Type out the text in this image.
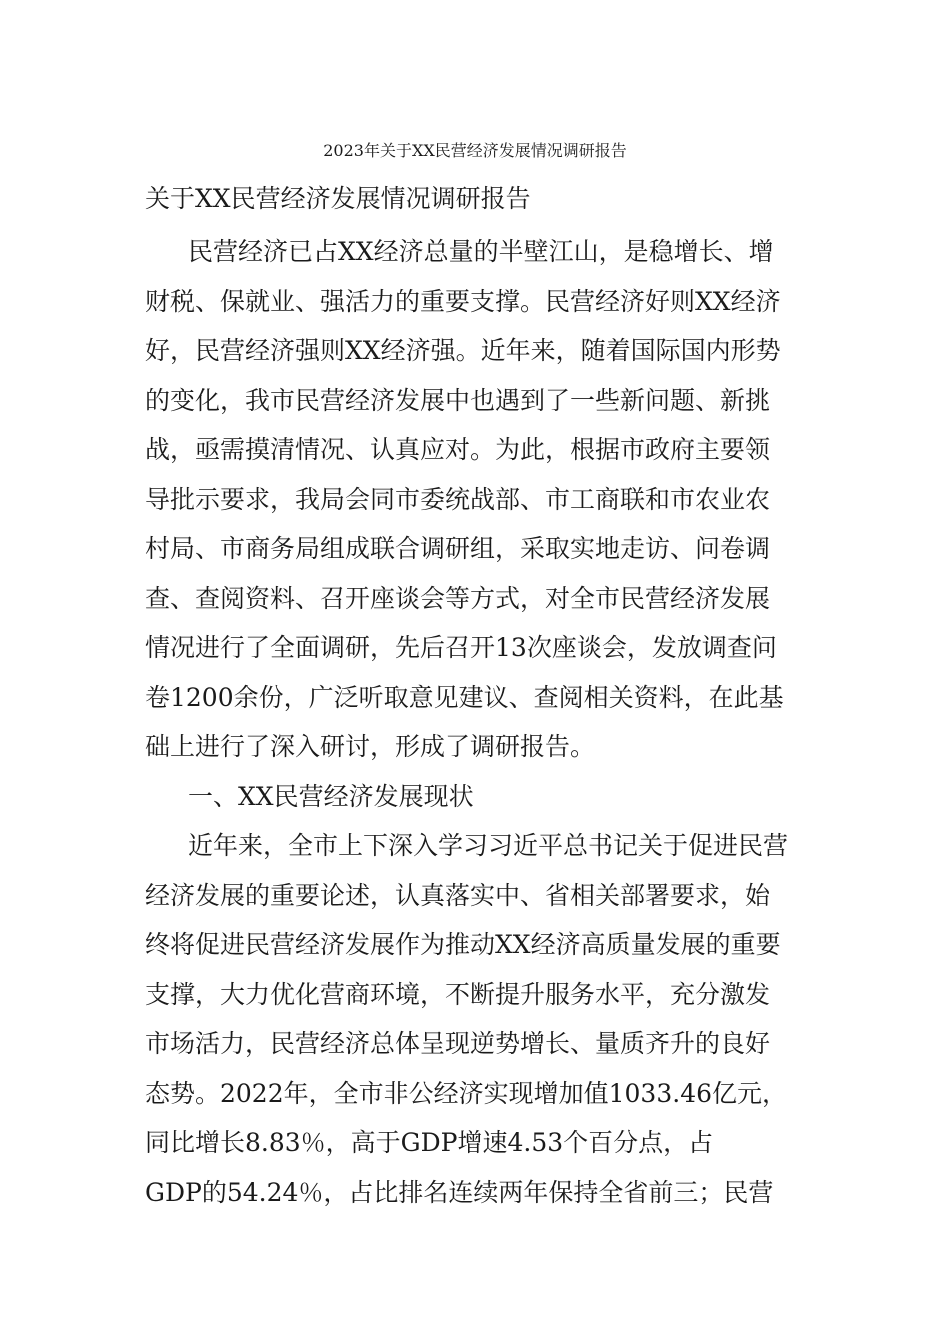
2023年关于XX民营经济发展情况调研报告
关于XX民营经济发展情况调研报告
民营经济已占XX经济总量的半壁江山，是稳增长、增
财税、保就业、强活力的重要支撑。民营经济好则XX经济
好，民营经济强则XX经济强。近年来，随着国际国内形势
的变化，我市民营经济发展中也遇到了一些新问题、新挑
战，亟需摸清情况、认真应对。为此，根据市政府主要领
导批示要求，我局会同市委统战部、市工商联和市农业农
村局、市商务局组成联合调研组，采取实地走访、问卷调
查、查阅资料、召开座谈会等方式，对全市民营经济发展
情况进行了全面调研，先后召开13次座谈会，发放调查问
卷1200余份，广泛听取意见建议、查阅相关资料，在此基
础上进行了深入研讨，形成了调研报告。
一、XX民营经济发展现状
近年来，全市上下深入学习习近平总书记关于促进民营
经济发展的重要论述，认真落实中、省相关部署要求，始
终将促进民营经济发展作为推动XX经济高质量发展的重要
支撑，大力优化营商环境，不断提升服务水平，充分激发
市场活力，民营经济总体呈现逆势增长、量质齐升的良好
态势。2022年，全市非公经济实现增加值1033.46亿元，
同比增长8.83％，高于GDP增速4.53个百分点，占
GDP的54.24％，占比排名连续两年保持全省前三；民营
